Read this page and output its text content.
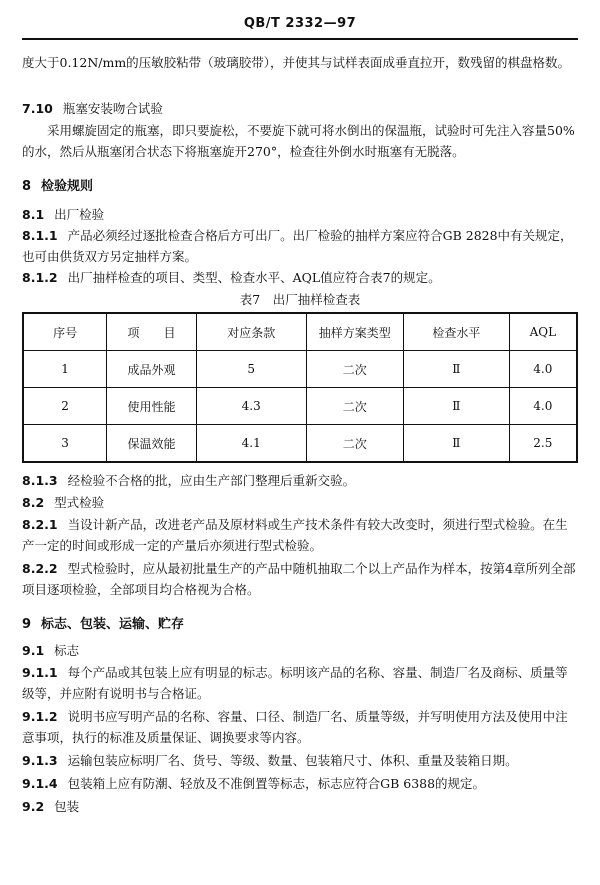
QB/T 2332—97
度大于0.12N/mm的压敏胶粘带（玻璃胶带），并使其与试样表面成垂直拉开，数残留的棋盘格数。
7.10 瓶塞安装吻合试验
采用螺旋固定的瓶塞，即只要旋松，不要旋下就可将水倒出的保温瓶，试验时可先注入容量50%的水，然后从瓶塞闭合状态下将瓶塞旋开270°，检查往外倒水时瓶塞有无脱落。
8 检验规则
8.1 出厂检验
8.1.1 产品必须经过逐批检查合格后方可出厂。出厂检验的抽样方案应符合GB 2828中有关规定，也可由供货双方另定抽样方案。
8.1.2 出厂抽样检查的项目、类型、检查水平、AQL值应符合表7的规定。
表7　出厂抽样检查表
序号	项　　目	对应条款	抽样方案类型	检查水平	AQL
1	成品外观	5	二次	Ⅱ	4.0
2	使用性能	4.3	二次	Ⅱ	4.0
3	保温效能	4.1	二次	Ⅱ	2.5
8.1.3 经检验不合格的批，应由生产部门整理后重新交验。
8.2 型式检验
8.2.1 当设计新产品，改进老产品及原材料或生产技术条件有较大改变时，须进行型式检验。在生产一定的时间或形成一定的产量后亦须进行型式检验。
8.2.2 型式检验时，应从最初批量生产的产品中随机抽取二个以上产品作为样本，按第4章所列全部项目逐项检验，全部项目均合格视为合格。
9 标志、包装、运输、贮存
9.1 标志
9.1.1 每个产品或其包装上应有明显的标志。标明该产品的名称、容量、制造厂名及商标、质量等级等，并应附有说明书与合格证。
9.1.2 说明书应写明产品的名称、容量、口径、制造厂名、质量等级，并写明使用方法及使用中注意事项，执行的标准及质量保证、调换要求等内容。
9.1.3 运输包装应标明厂名、货号、等级、数量、包装箱尺寸、体积、重量及装箱日期。
9.1.4 包装箱上应有防潮、轻放及不准倒置等标志，标志应符合GB 6388的规定。
9.2 包装
